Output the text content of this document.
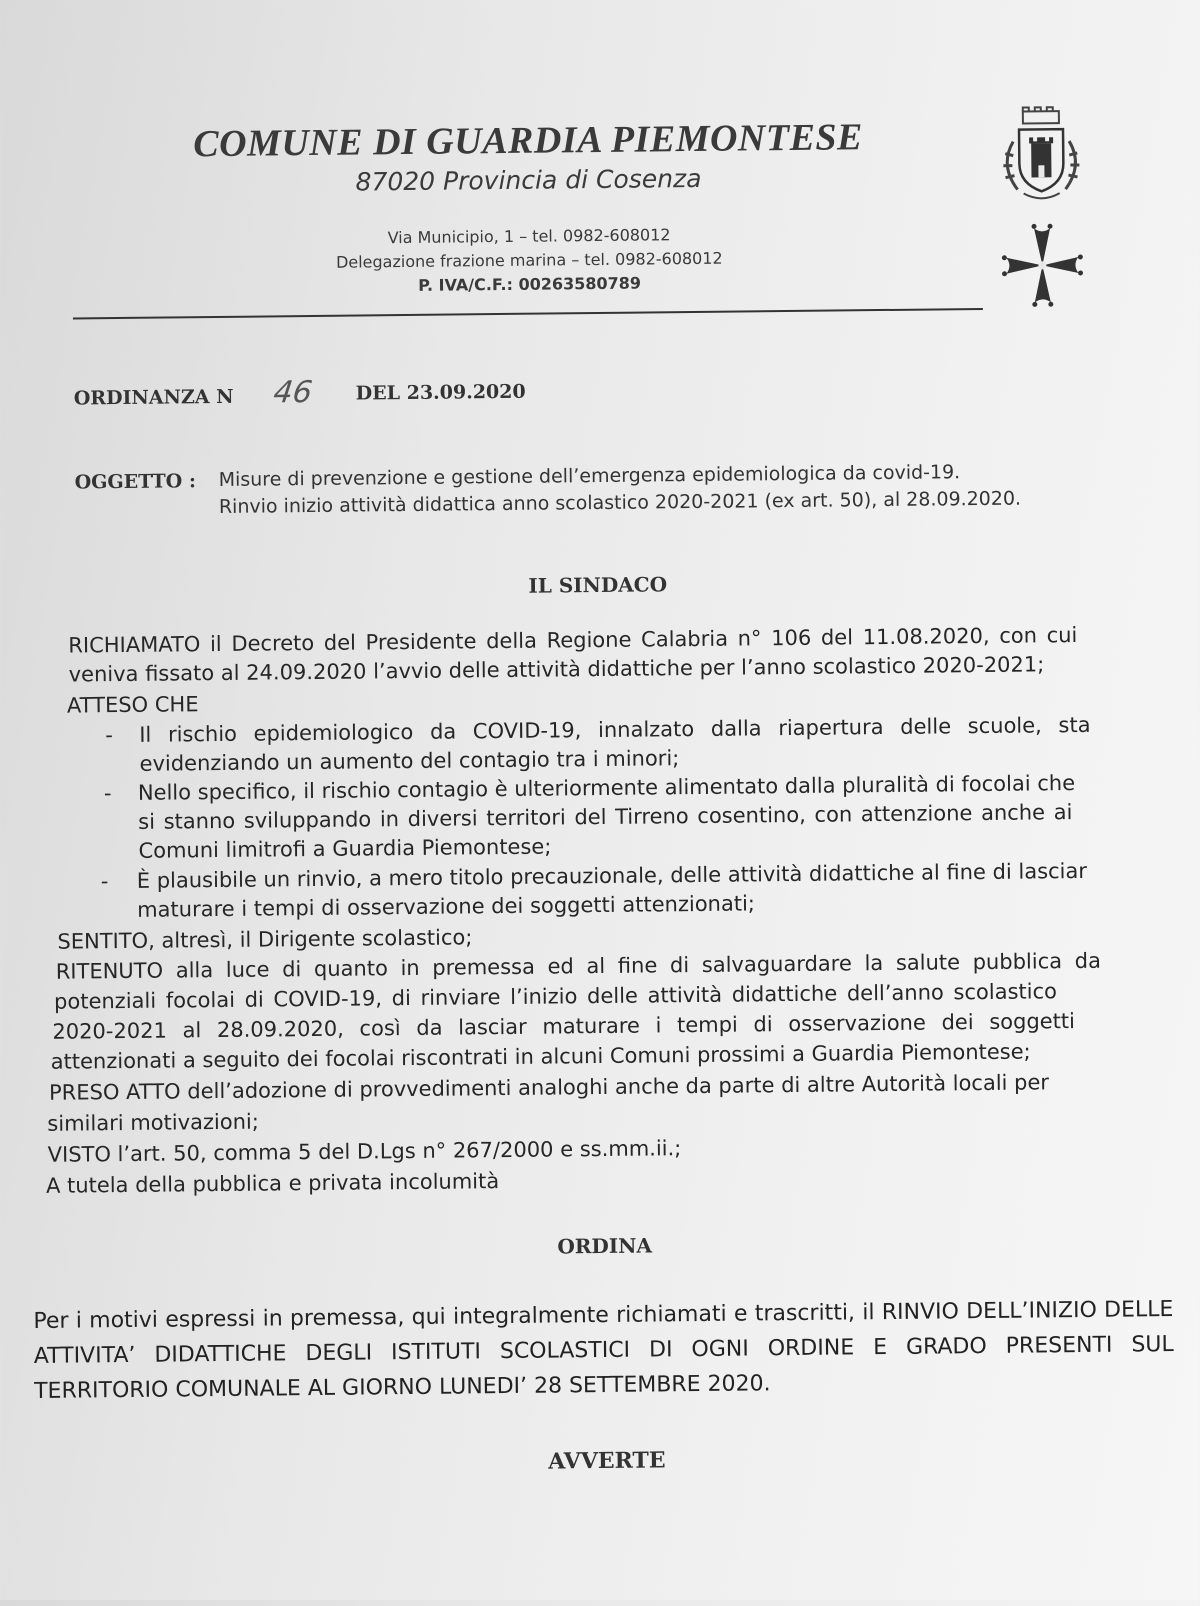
COMUNE DI GUARDIA PIEMONTESE
87020 Provincia di Cosenza
Via Municipio, 1 – tel. 0982-608012
Delegazione frazione marina – tel. 0982-608012
P. IVA/C.F.: 00263580789
ORDINANZA N 46 DEL 23.09.2020
OGGETTO : Misure di prevenzione e gestione dell’emergenza epidemiologica da covid-19.
Rinvio inizio attività didattica anno scolastico 2020-2021 (ex art. 50), al 28.09.2020.
IL SINDACO
RICHIAMATO il Decreto del Presidente della Regione Calabria n° 106 del 11.08.2020, con cui
veniva fissato al 24.09.2020 l’avvio delle attività didattiche per l’anno scolastico 2020-2021;
ATTESO CHE
- Il rischio epidemiologico da COVID-19, innalzato dalla riapertura delle scuole, sta
evidenziando un aumento del contagio tra i minori;
- Nello specifico, il rischio contagio è ulteriormente alimentato dalla pluralità di focolai che
si stanno sviluppando in diversi territori del Tirreno cosentino, con attenzione anche ai
Comuni limitrofi a Guardia Piemontese;
- È plausibile un rinvio, a mero titolo precauzionale, delle attività didattiche al fine di lasciar
maturare i tempi di osservazione dei soggetti attenzionati;
SENTITO, altresì, il Dirigente scolastico;
RITENUTO alla luce di quanto in premessa ed al fine di salvaguardare la salute pubblica da
potenziali focolai di COVID-19, di rinviare l’inizio delle attività didattiche dell’anno scolastico
2020-2021 al 28.09.2020, così da lasciar maturare i tempi di osservazione dei soggetti
attenzionati a seguito dei focolai riscontrati in alcuni Comuni prossimi a Guardia Piemontese;
PRESO ATTO dell’adozione di provvedimenti analoghi anche da parte di altre Autorità locali per
similari motivazioni;
VISTO l’art. 50, comma 5 del D.Lgs n° 267/2000 e ss.mm.ii.;
A tutela della pubblica e privata incolumità
ORDINA
Per i motivi espressi in premessa, qui integralmente richiamati e trascritti, il RINVIO DELL’INIZIO DELLE ATTIVITA’ DIDATTICHE DEGLI ISTITUTI SCOLASTICI DI OGNI ORDINE E GRADO PRESENTI SUL TERRITORIO COMUNALE AL GIORNO LUNEDI’ 28 SETTEMBRE 2020.
AVVERTE
